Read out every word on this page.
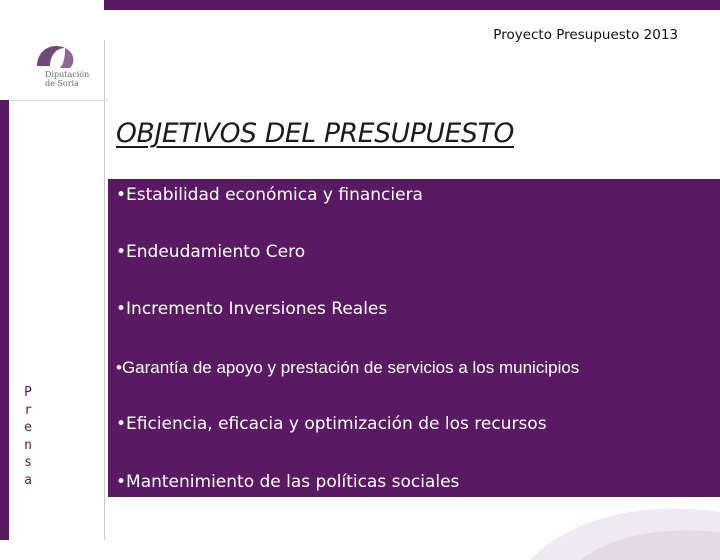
Proyecto Presupuesto 2013
Diputación
de Soria
OBJETIVOS DEL PRESUPUESTO
•Estabilidad económica y financiera
•Endeudamiento Cero
•Incremento Inversiones Reales
•Garantía de apoyo y prestación de servicios a los municipios
•Eficiencia, eficacia y optimización de los recursos
•Mantenimiento de las políticas sociales
P
r
e
n
s
a
